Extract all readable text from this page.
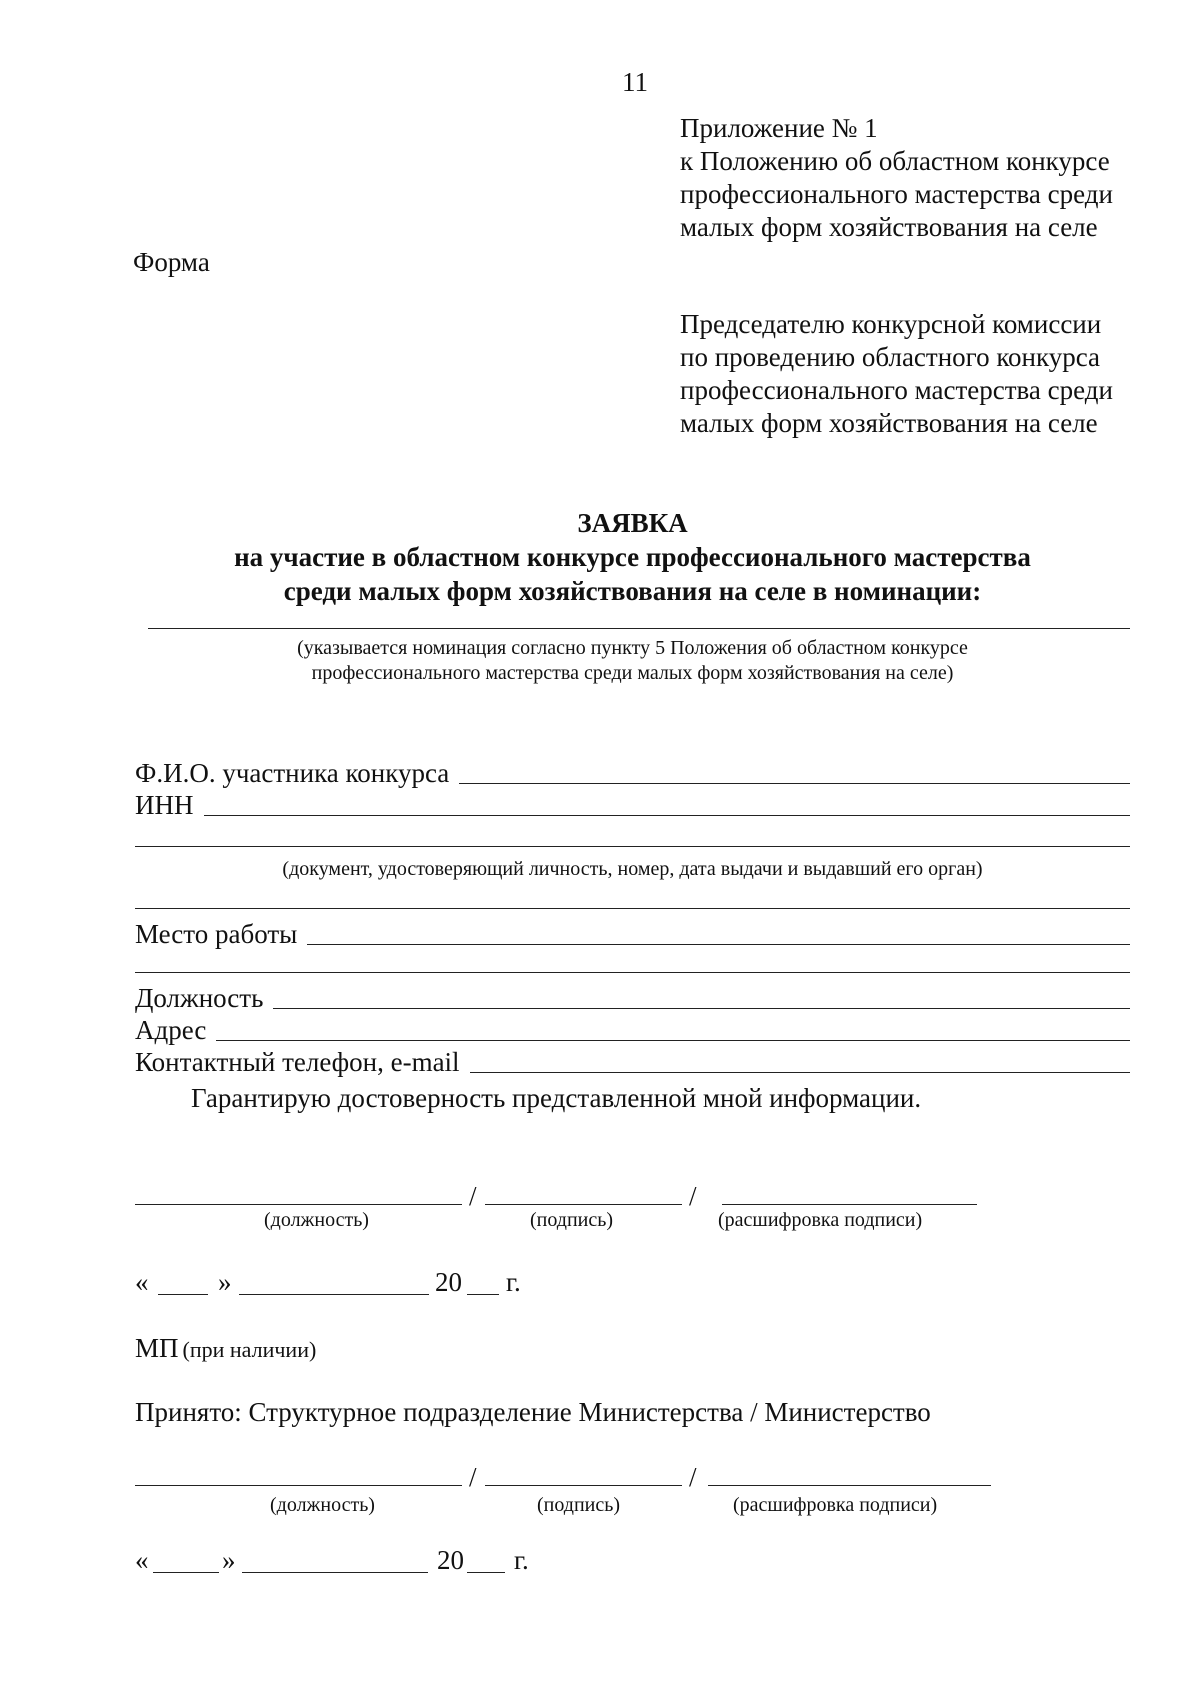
11
Приложение № 1
к Положению об областном конкурсе
профессионального мастерства среди
малых форм хозяйствования на селе
Форма
Председателю конкурсной комиссии
по проведению областного конкурса
профессионального мастерства среди
малых форм хозяйствования на селе
ЗАЯВКА
на участие в областном конкурсе профессионального мастерства
среди малых форм хозяйствования на селе в номинации:
(указывается номинация согласно пункту 5 Положения об областном конкурсе
профессионального мастерства среди малых форм хозяйствования на селе)
Ф.И.О. участника конкурса
ИНН
(документ, удостоверяющий личность, номер, дата выдачи и выдавший его орган)
Место работы
Должность
Адрес
Контактный телефон, e-mail
Гарантирую достоверность представленной мной информации.
/	/
(должность)	(подпись)	(расшифровка подписи)
«	»	20 г.
МП (при наличии)
Принято: Структурное подразделение Министерства / Министерство
/	/
(должность)	(подпись)	(расшифровка подписи)
«	»	20 г.
